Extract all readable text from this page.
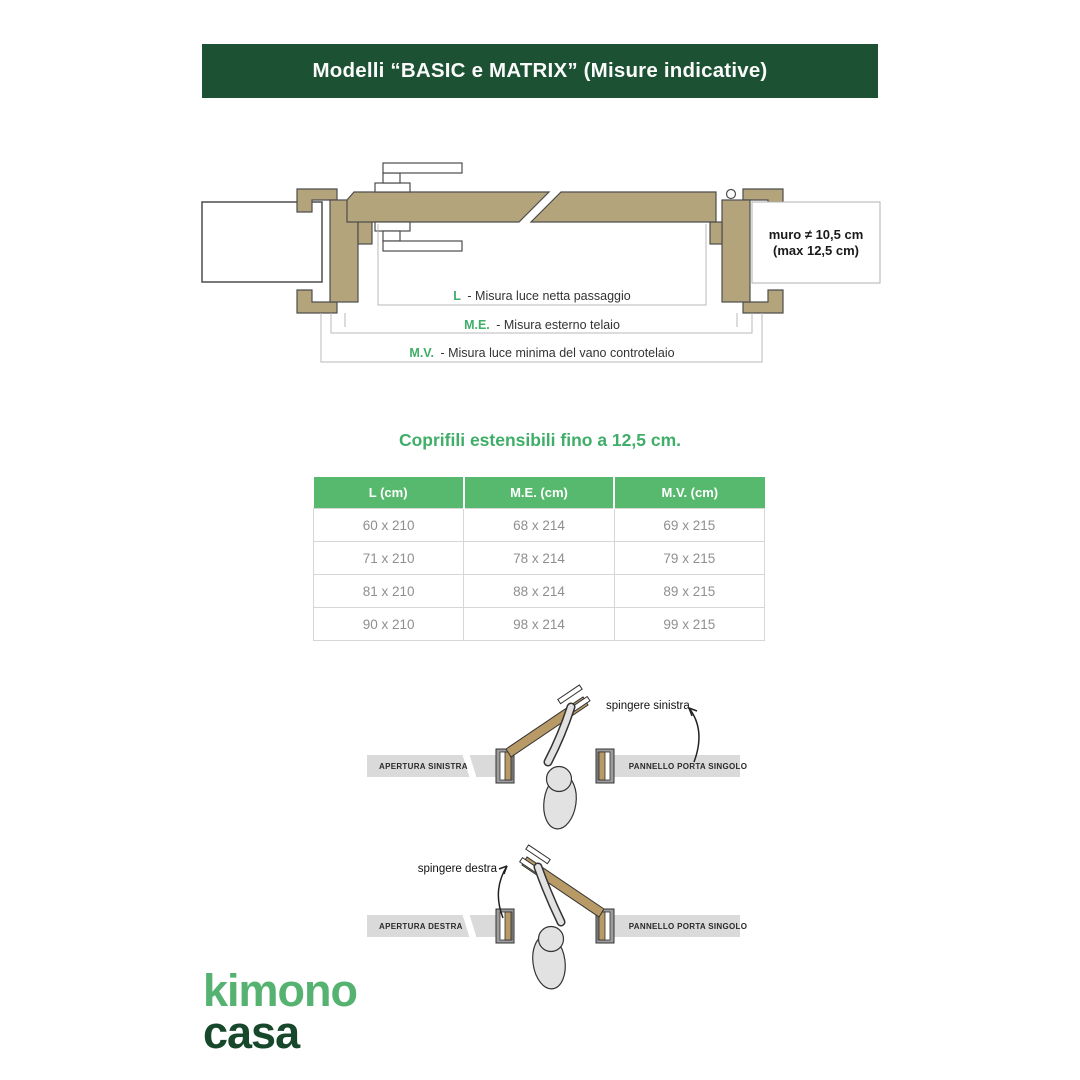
Modelli “BASIC e MATRIX” (Misure indicative)
muro ≠ 10,5 cm
(max 12,5 cm)
L - Misura luce netta passaggio
M.E. - Misura esterno telaio
M.V. - Misura luce minima del vano controtelaio
Coprifili estensibili fino a 12,5 cm.
L (cm)	M.E. (cm)	M.V. (cm)
60 x 210	68 x 214	69 x 215
71 x 210	78 x 214	79 x 215
81 x 210	88 x 214	89 x 215
90 x 210	98 x 214	99 x 215
spingere sinistra
APERTURA SINISTRA	PANNELLO PORTA SINGOLO
spingere destra
APERTURA DESTRA	PANNELLO PORTA SINGOLO
kimono
casa
